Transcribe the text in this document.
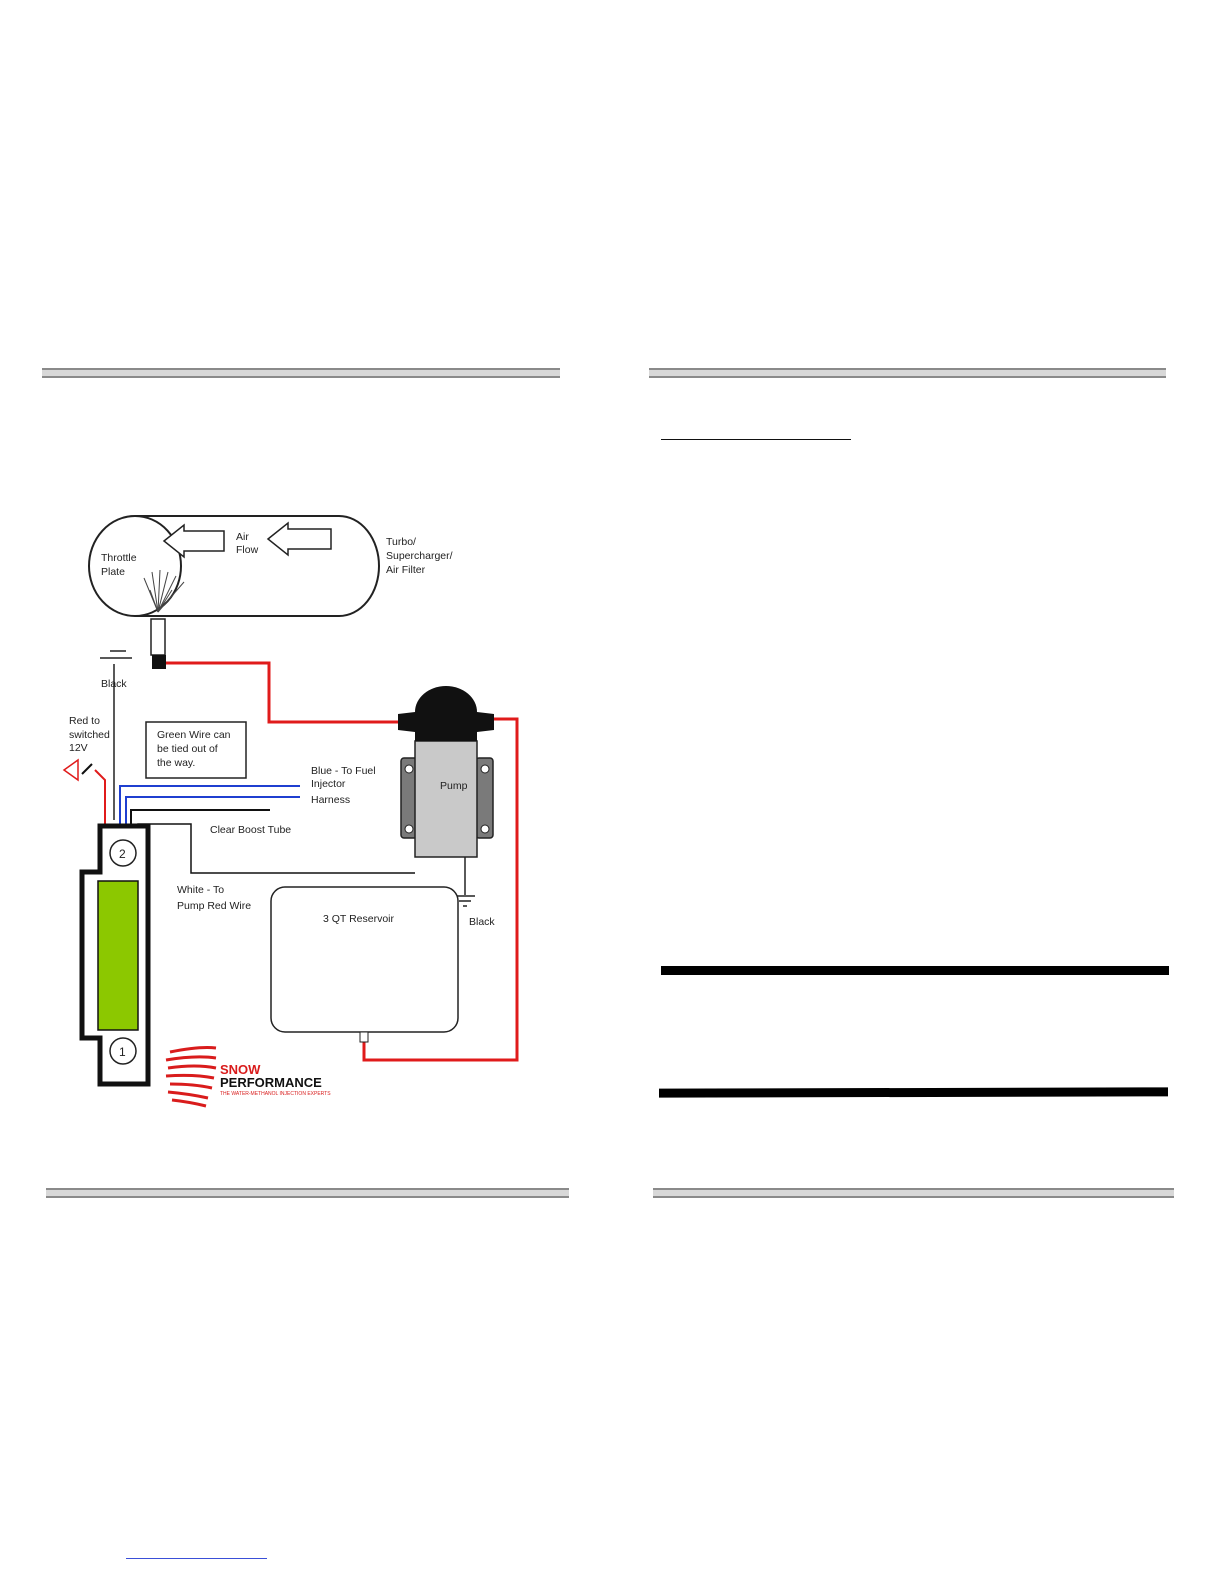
Throttle Plate
Air Flow
Turbo/ Supercharger/ Air Filter
Black
Red to switched 12V
Green Wire can be tied out of the way.
Blue - To Fuel Injector Harness
Clear Boost Tube
White - To Pump Red Wire
Pump
3 QT Reservoir	Black
2
1
SNOW
PERFORMANCE
THE WATER-METHANOL INJECTION EXPERTS
